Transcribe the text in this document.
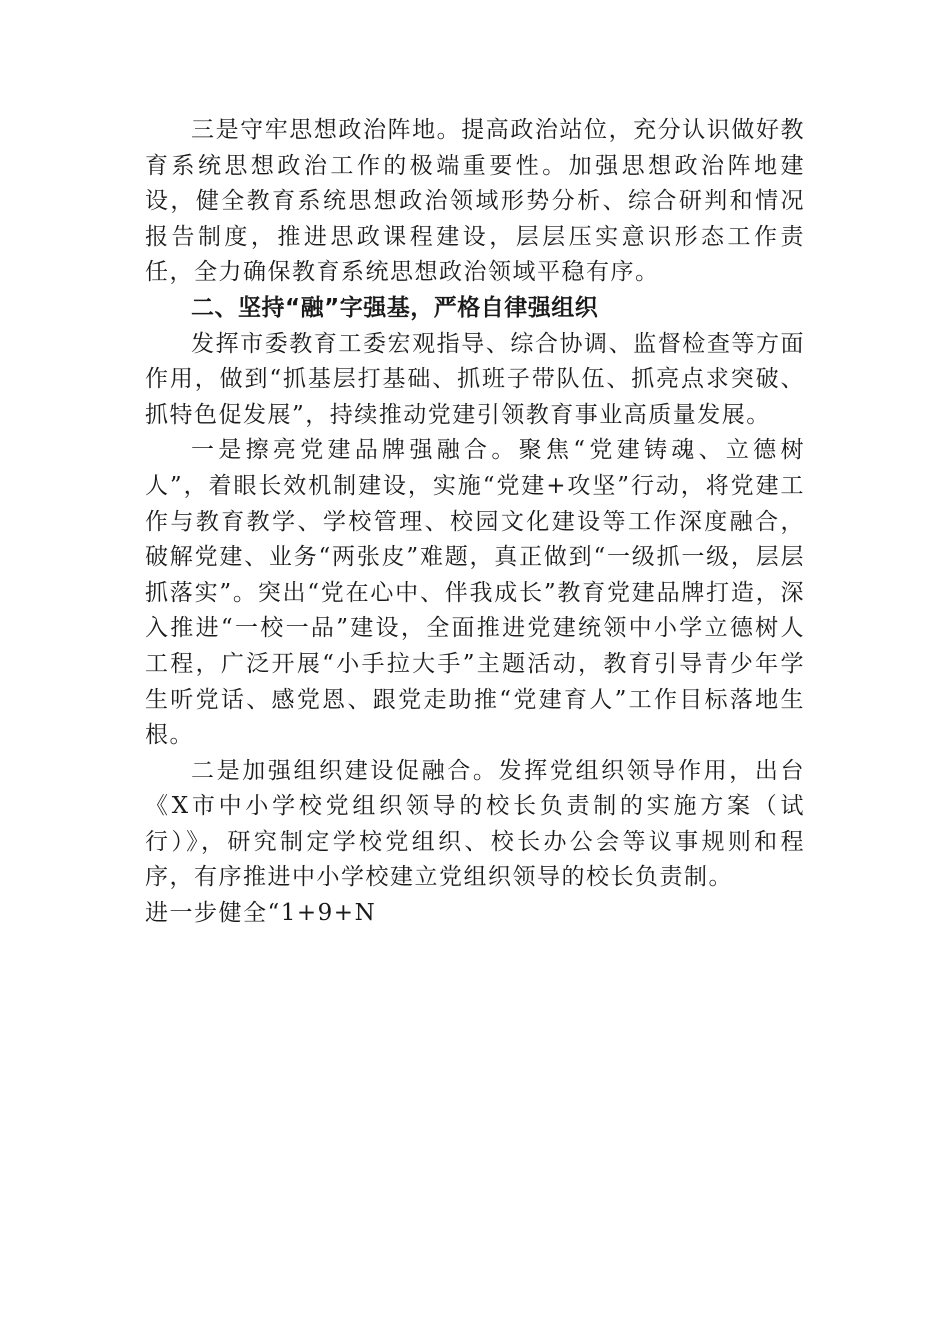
三是守牢思想政治阵地。提高政治站位，充分认识做好教育系统思想政治工作的极端重要性。加强思想政治阵地建设，健全教育系统思想政治领域形势分析、综合研判和情况报告制度，推进思政课程建设，层层压实意识形态工作责任，全力确保教育系统思想政治领域平稳有序。

二、坚持“融”字强基，严格自律强组织

发挥市委教育工委宏观指导、综合协调、监督检查等方面作用，做到“抓基层打基础、抓班子带队伍、抓亮点求突破、抓特色促发展”，持续推动党建引领教育事业高质量发展。

一是擦亮党建品牌强融合。聚焦“党建铸魂、立德树人”，着眼长效机制建设，实施“党建+攻坚”行动，将党建工作与教育教学、学校管理、校园文化建设等工作深度融合，破解党建、业务“两张皮”难题，真正做到“一级抓一级，层层抓落实”。突出“党在心中、伴我成长”教育党建品牌打造，深入推进“一校一品”建设，全面推进党建统领中小学立德树人工程，广泛开展“小手拉大手”主题活动，教育引导青少年学生听党话、感党恩、跟党走助推“党建育人”工作目标落地生根。

二是加强组织建设促融合。发挥党组织领导作用，出台《X市中小学校党组织领导的校长负责制的实施方案（试行）》，研究制定学校党组织、校长办公会等议事规则和程序，有序推进中小学校建立党组织领导的校长负责制。

进一步健全“1+9+N
